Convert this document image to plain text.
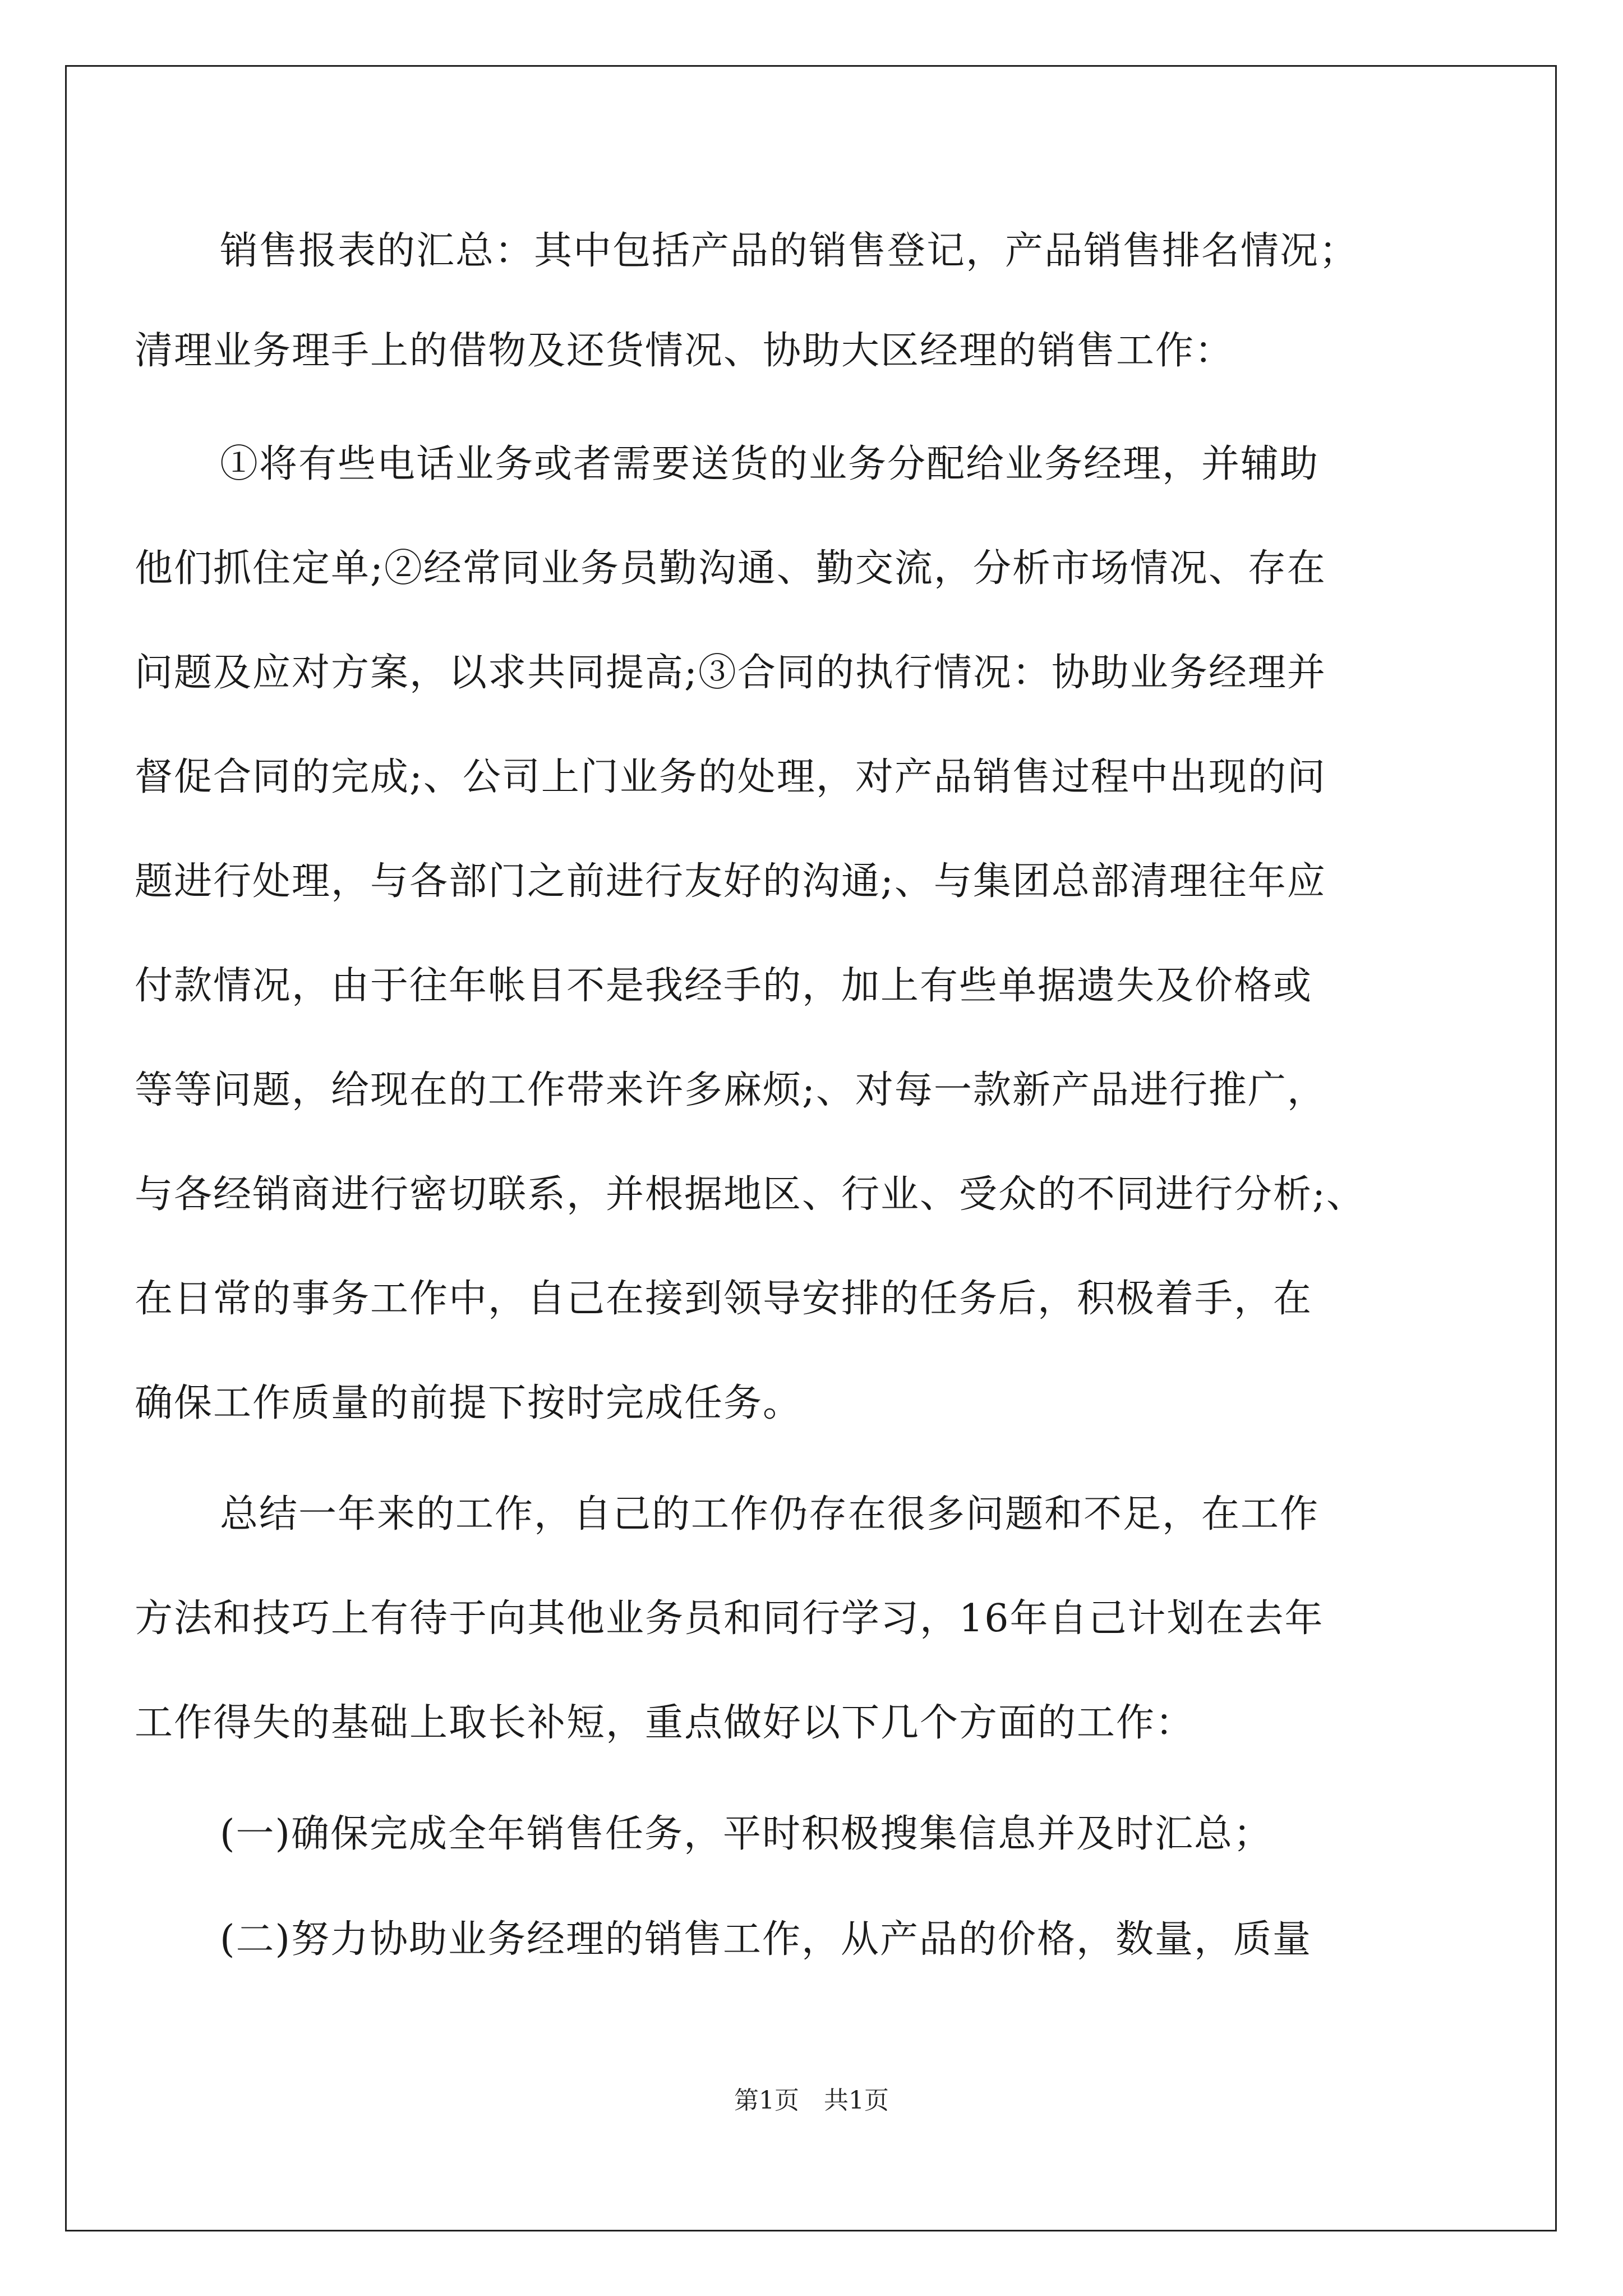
销售报表的汇总：其中包括产品的销售登记，产品销售排名情况；
清理业务理手上的借物及还货情况、协助大区经理的销售工作：
①将有些电话业务或者需要送货的业务分配给业务经理，并辅助
他们抓住定单;②经常同业务员勤沟通、勤交流，分析市场情况、存在
问题及应对方案，以求共同提高;③合同的执行情况：协助业务经理并
督促合同的完成;、公司上门业务的处理，对产品销售过程中出现的问
题进行处理，与各部门之前进行友好的沟通;、与集团总部清理往年应
付款情况，由于往年帐目不是我经手的，加上有些单据遗失及价格或
等等问题，给现在的工作带来许多麻烦;、对每一款新产品进行推广，
与各经销商进行密切联系，并根据地区、行业、受众的不同进行分析;、
在日常的事务工作中，自己在接到领导安排的任务后，积极着手，在
确保工作质量的前提下按时完成任务。
总结一年来的工作，自己的工作仍存在很多问题和不足，在工作
方法和技巧上有待于向其他业务员和同行学习，16年自己计划在去年
工作得失的基础上取长补短，重点做好以下几个方面的工作：
(一)确保完成全年销售任务，平时积极搜集信息并及时汇总；
(二)努力协助业务经理的销售工作，从产品的价格，数量，质量
第1页　共1页
